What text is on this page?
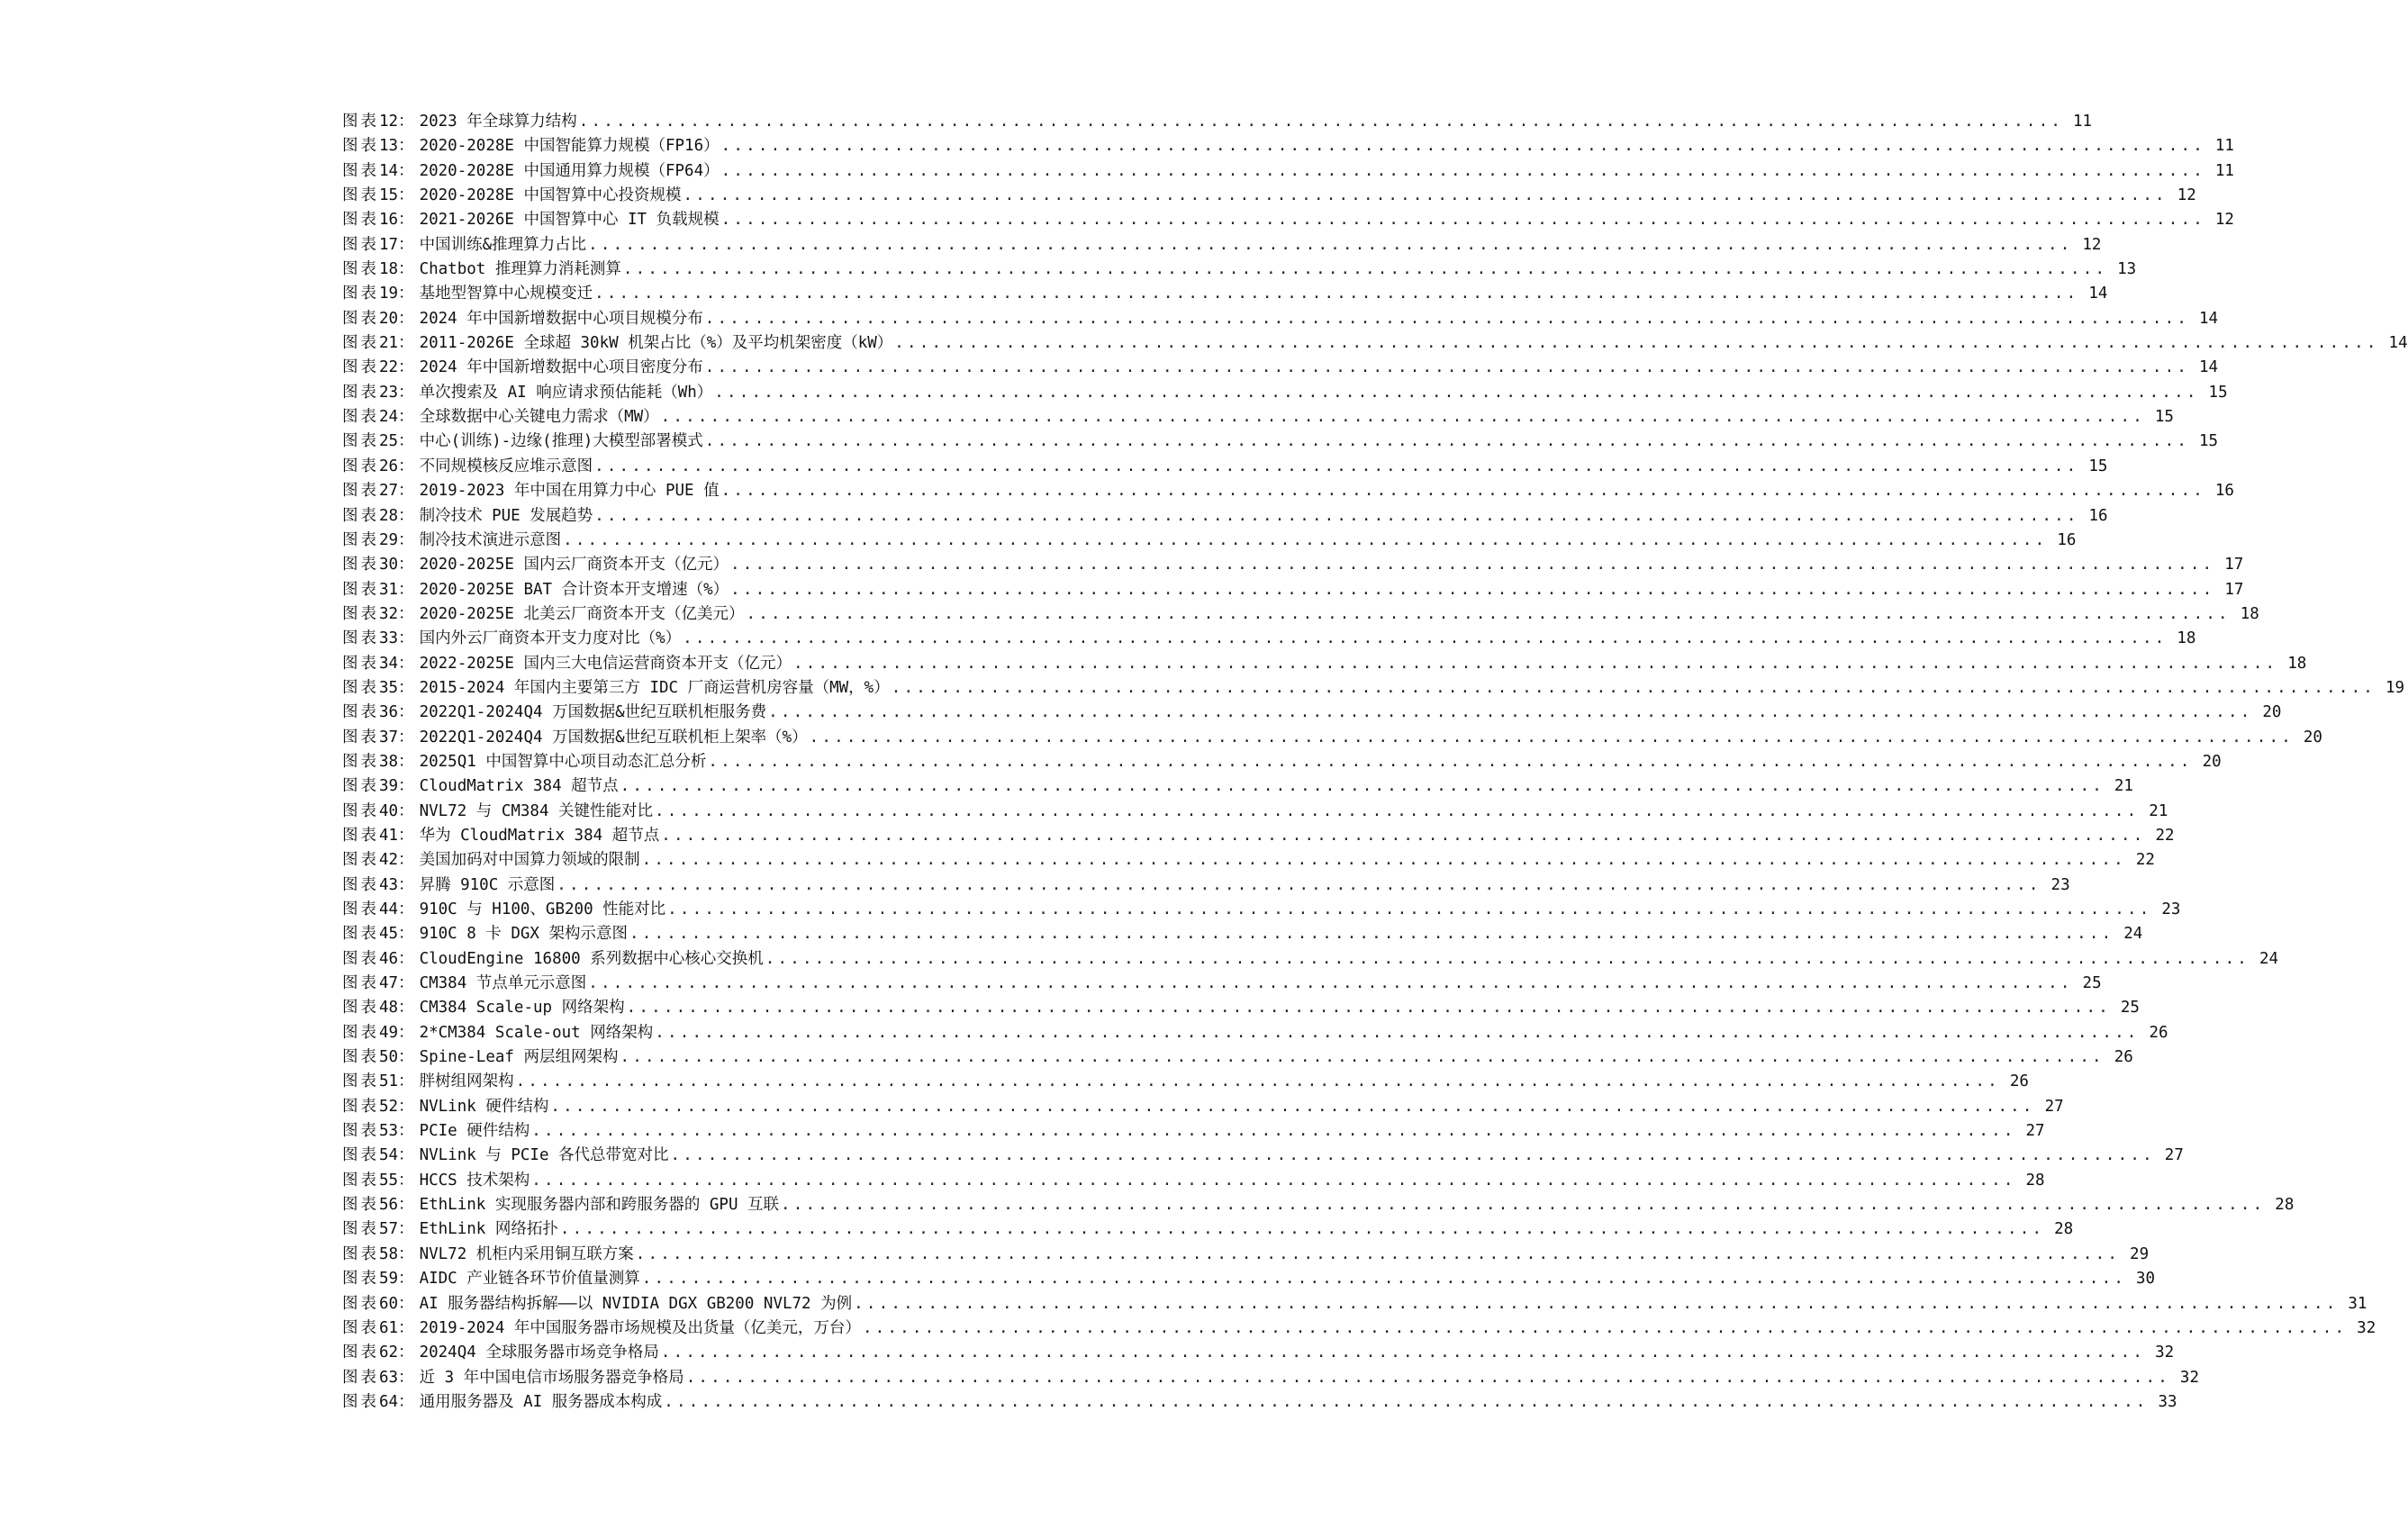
图表 12 ： 2023 年全球算力结构 ........................................................................................................................ 11
图表 13 ： 2020-2028E 中国智能算力规模（FP16） ........................................................................................................................ 11
图表 14 ： 2020-2028E 中国通用算力规模（FP64） ........................................................................................................................ 11
图表 15 ： 2020-2028E 中国智算中心投资规模 ........................................................................................................................ 12
图表 16 ： 2021-2026E 中国智算中心 IT 负载规模 ........................................................................................................................ 12
图表 17 ： 中国训练&推理算力占比 ........................................................................................................................ 12
图表 18 ： Chatbot 推理算力消耗测算 ........................................................................................................................ 13
图表 19 ： 基地型智算中心规模变迁 ........................................................................................................................ 14
图表 20 ： 2024 年中国新增数据中心项目规模分布 ........................................................................................................................ 14
图表 21 ： 2011-2026E 全球超 30kW 机架占比（%）及平均机架密度（kW） ........................................................................................................................ 14
图表 22 ： 2024 年中国新增数据中心项目密度分布 ........................................................................................................................ 14
图表 23 ： 单次搜索及 AI 响应请求预估能耗（Wh） ........................................................................................................................ 15
图表 24 ： 全球数据中心关键电力需求（MW） ........................................................................................................................ 15
图表 25 ： 中心(训练)-边缘(推理)大模型部署模式 ........................................................................................................................ 15
图表 26 ： 不同规模核反应堆示意图 ........................................................................................................................ 15
图表 27 ： 2019-2023 年中国在用算力中心 PUE 值 ........................................................................................................................ 16
图表 28 ： 制冷技术 PUE 发展趋势 ........................................................................................................................ 16
图表 29 ： 制冷技术演进示意图 ........................................................................................................................ 16
图表 30 ： 2020-2025E 国内云厂商资本开支（亿元） ........................................................................................................................ 17
图表 31 ： 2020-2025E BAT 合计资本开支增速（%） ........................................................................................................................ 17
图表 32 ： 2020-2025E 北美云厂商资本开支（亿美元） ........................................................................................................................ 18
图表 33 ： 国内外云厂商资本开支力度对比（%） ........................................................................................................................ 18
图表 34 ： 2022-2025E 国内三大电信运营商资本开支（亿元） ........................................................................................................................ 18
图表 35 ： 2015-2024 年国内主要第三方 IDC 厂商运营机房容量（MW，%） ........................................................................................................................ 19
图表 36 ： 2022Q1-2024Q4 万国数据&世纪互联机柜服务费 ........................................................................................................................ 20
图表 37 ： 2022Q1-2024Q4 万国数据&世纪互联机柜上架率（%） ........................................................................................................................ 20
图表 38 ： 2025Q1 中国智算中心项目动态汇总分析 ........................................................................................................................ 20
图表 39 ： CloudMatrix 384 超节点 ........................................................................................................................ 21
图表 40 ： NVL72 与 CM384 关键性能对比 ........................................................................................................................ 21
图表 41 ： 华为 CloudMatrix 384 超节点 ........................................................................................................................ 22
图表 42 ： 美国加码对中国算力领域的限制 ........................................................................................................................ 22
图表 43 ： 昇腾 910C 示意图 ........................................................................................................................ 23
图表 44 ： 910C 与 H100、GB200 性能对比 ........................................................................................................................ 23
图表 45 ： 910C 8 卡 DGX 架构示意图 ........................................................................................................................ 24
图表 46 ： CloudEngine 16800 系列数据中心核心交换机 ........................................................................................................................ 24
图表 47 ： CM384 节点单元示意图 ........................................................................................................................ 25
图表 48 ： CM384 Scale-up 网络架构 ........................................................................................................................ 25
图表 49 ： 2*CM384 Scale-out 网络架构 ........................................................................................................................ 26
图表 50 ： Spine-Leaf 两层组网架构 ........................................................................................................................ 26
图表 51 ： 胖树组网架构 ........................................................................................................................ 26
图表 52 ： NVLink 硬件结构 ........................................................................................................................ 27
图表 53 ： PCIe 硬件结构 ........................................................................................................................ 27
图表 54 ： NVLink 与 PCIe 各代总带宽对比 ........................................................................................................................ 27
图表 55 ： HCCS 技术架构 ........................................................................................................................ 28
图表 56 ： EthLink 实现服务器内部和跨服务器的 GPU 互联 ........................................................................................................................ 28
图表 57 ： EthLink 网络拓扑 ........................................................................................................................ 28
图表 58 ： NVL72 机柜内采用铜互联方案 ........................................................................................................................ 29
图表 59 ： AIDC 产业链各环节价值量测算 ........................................................................................................................ 30
图表 60 ： AI 服务器结构拆解——以 NVIDIA DGX GB200 NVL72 为例 ........................................................................................................................ 31
图表 61 ： 2019-2024 年中国服务器市场规模及出货量（亿美元，万台） ........................................................................................................................ 32
图表 62 ： 2024Q4 全球服务器市场竞争格局 ........................................................................................................................ 32
图表 63 ： 近 3 年中国电信市场服务器竞争格局 ........................................................................................................................ 32
图表 64 ： 通用服务器及 AI 服务器成本构成 ........................................................................................................................ 33
